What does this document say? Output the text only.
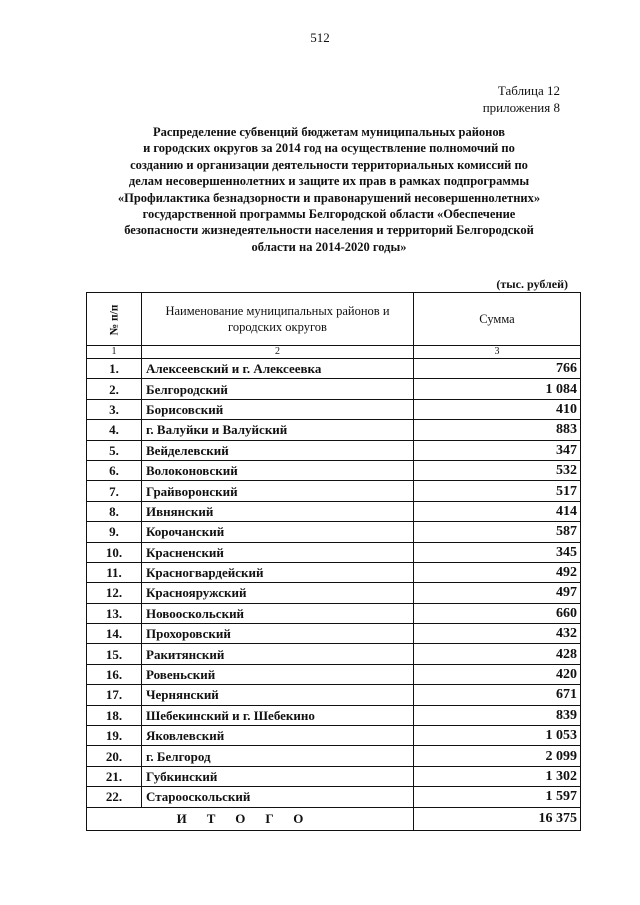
512
Таблица 12
приложения 8
Распределение субвенций бюджетам муниципальных районов
и городских округов за 2014 год на осуществление полномочий по
созданию и организации деятельности территориальных комиссий по
делам несовершеннолетних и защите их прав в рамках подпрограммы
«Профилактика безнадзорности и правонарушений несовершеннолетних»
государственной программы Белгородской области «Обеспечение
безопасности жизнедеятельности населения и территорий Белгородской
области на 2014-2020 годы»
(тыс. рублей)
№ п/п	Наименование муниципальных районов и городских округов	Сумма
1	2	3
1.	Алексеевский и г. Алексеевка	766
2.	Белгородский	1 084
3.	Борисовский	410
4.	г. Валуйки и Валуйский	883
5.	Вейделевский	347
6.	Волоконовский	532
7.	Грайворонский	517
8.	Ивнянский	414
9.	Корочанский	587
10.	Красненский	345
11.	Красногвардейский	492
12.	Краснояружский	497
13.	Новооскольский	660
14.	Прохоровский	432
15.	Ракитянский	428
16.	Ровеньский	420
17.	Чернянский	671
18.	Шебекинский и г. Шебекино	839
19.	Яковлевский	1 053
20.	г. Белгород	2 099
21.	Губкинский	1 302
22.	Старооскольский	1 597
ИТОГО		16 375
